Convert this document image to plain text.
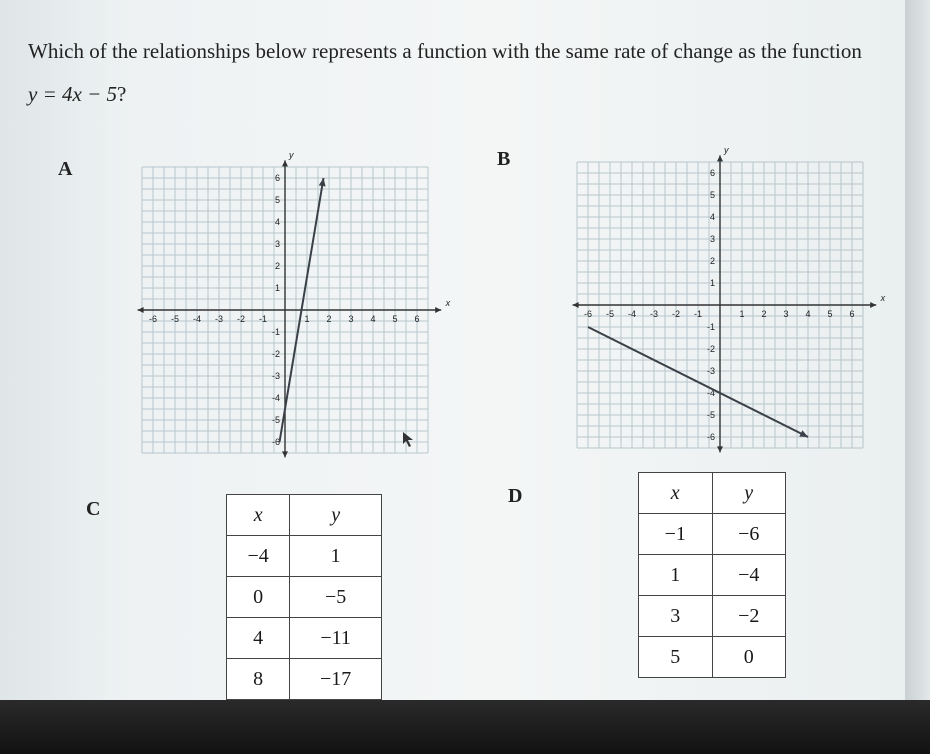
Which of the relationships below represents a function with the same rate of change as the function y = 4x − 5?
A
x
y
-6 -5 -4 -3 -2 -1	1 2 3 4 5 6
1
2
3
4
5
6
-1
-2
-3
-4
-5
-6
B
x
y
-6 -5 -4 -3 -2 -1	1 2 3 4 5 6
1
2
3
4
5
6
-1
-2
-3
-4
-5
-6
C	x	y
−4	1
0	−5
4	−11
8	−17
D	x	y
−1	−6
1	−4
3	−2
5	0
